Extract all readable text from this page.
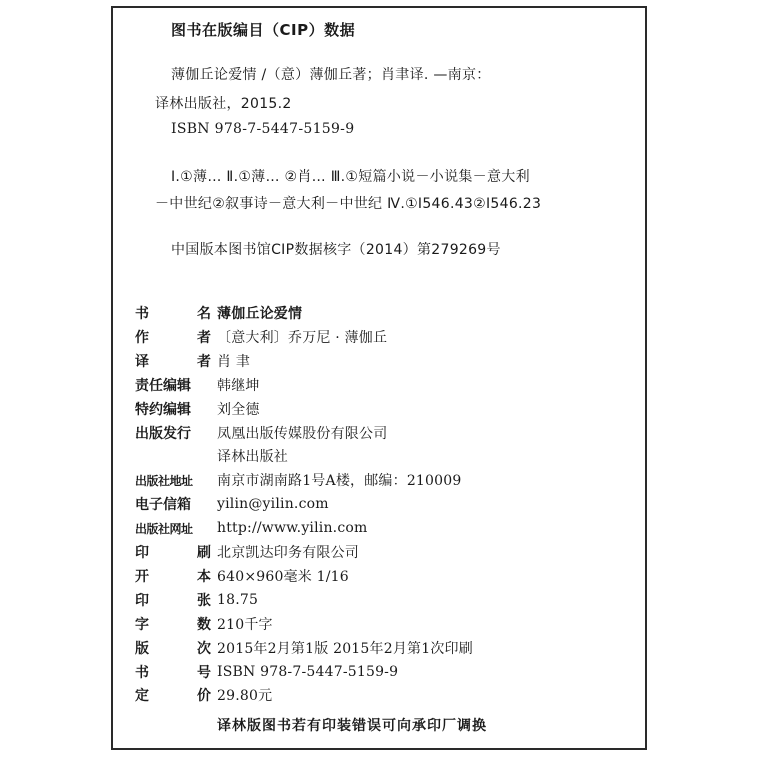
图书在版编目（CIP）数据
薄伽丘论爱情 /（意）薄伽丘著；肖聿译. —南京：
译林出版社，2015.2
ISBN 978-7-5447-5159-9
Ⅰ.①薄… Ⅱ.①薄… ②肖… Ⅲ.①短篇小说－小说集－意大利
－中世纪②叙事诗－意大利－中世纪 Ⅳ.①I546.43②I546.23
中国版本图书馆CIP数据核字（2014）第279269号
书	名 薄伽丘论爱情
作	者 〔意大利〕乔万尼 · 薄伽丘
译	者 肖 聿
责任编辑 韩继坤
特约编辑 刘全德
出版发行 凤凰出版传媒股份有限公司
译林出版社
出版社地址 南京市湖南路1号A楼，邮编：210009
电子信箱 yilin@yilin.com
出版社网址 http://www.yilin.com
印	刷 北京凯达印务有限公司
开	本 640×960毫米 1/16
印	张 18.75
字	数 210千字
版	次 2015年2月第1版 2015年2月第1次印刷
书	号 ISBN 978-7-5447-5159-9
定	价 29.80元
译林版图书若有印装错误可向承印厂调换
